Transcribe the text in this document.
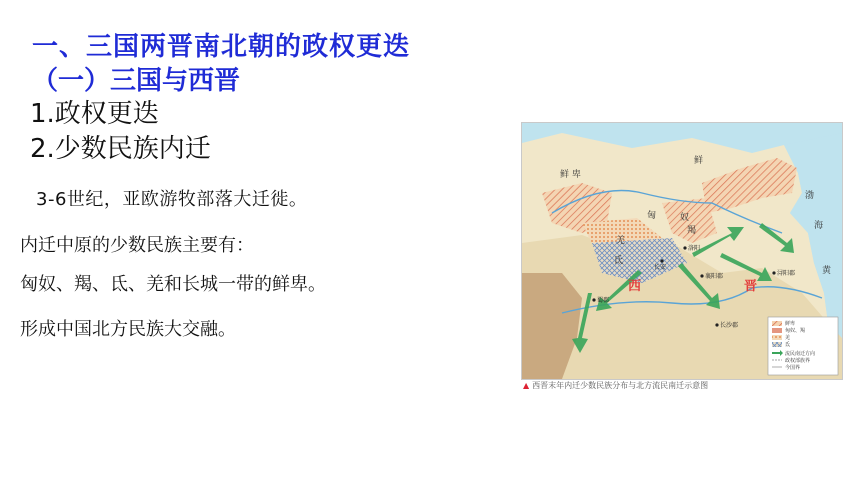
一、三国两晋南北朝的政权更迭
（一）三国与西晋
1.政权更迭
2.少数民族内迁
3-6世纪，亚欧游牧部落大迁徙。
内迁中原的少数民族主要有：
匈奴、羯、氐、羌和长城一带的鲜卑。
形成中国北方民族大交融。
鲜
鲜 卑
匈	奴
羯
羌
氐
渤
海
黄
洛阳
长安
襄阳郡	浔阳郡
蜀郡
长沙郡
西	晋
鲜卑
匈奴、羯
羌
氐
流民南迁方向
政权部族界
今国界
▲ 西晋末年内迁少数民族分布与北方流民南迁示意图
